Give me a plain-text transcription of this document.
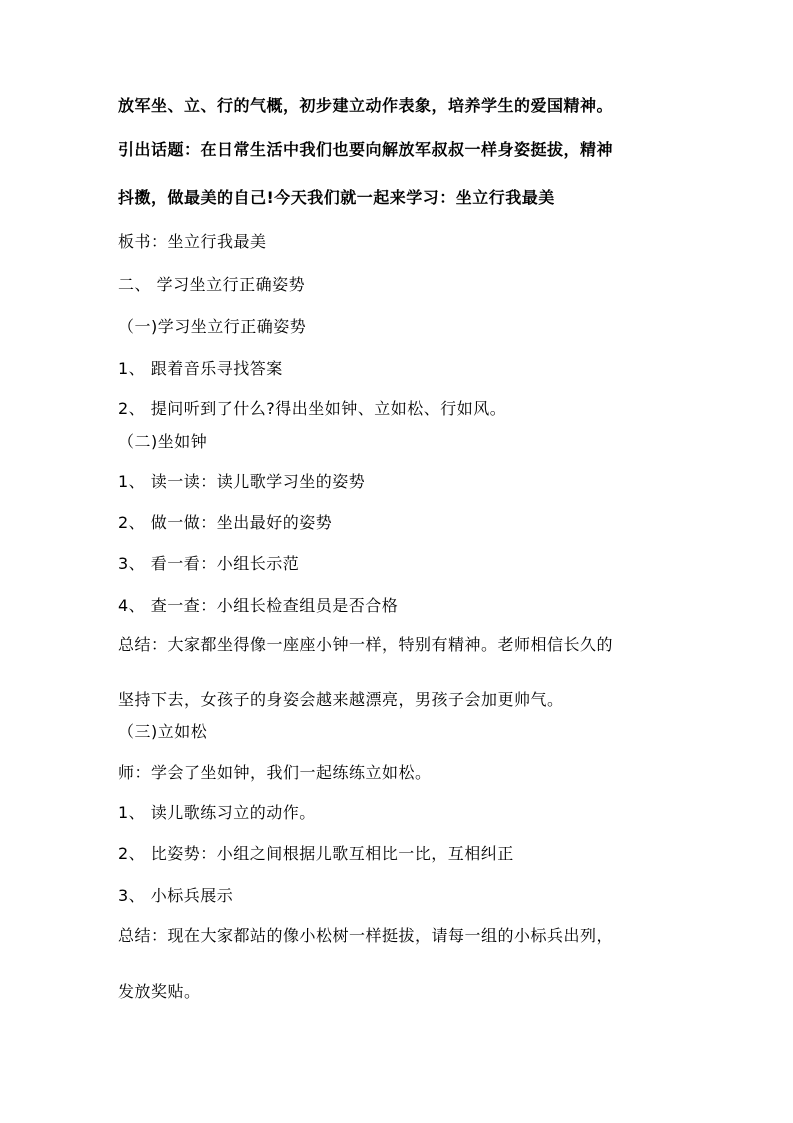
放军坐、立、行的气概，初步建立动作表象，培养学生的爱国精神。
引出话题：在日常生活中我们也要向解放军叔叔一样身姿挺拔，精神
抖擞，做最美的自己!今天我们就一起来学习：坐立行我最美
板书：坐立行我最美
二、 学习坐立行正确姿势
（一)学习坐立行正确姿势
1、 跟着音乐寻找答案
2、 提问听到了什么?得出坐如钟、立如松、行如风。
（二)坐如钟
1、 读一读：读儿歌学习坐的姿势
2、 做一做：坐出最好的姿势
3、 看一看：小组长示范
4、 查一查：小组长检查组员是否合格
总结：大家都坐得像一座座小钟一样，特别有精神。老师相信长久的
坚持下去，女孩子的身姿会越来越漂亮，男孩子会加更帅气。
（三)立如松
师：学会了坐如钟，我们一起练练立如松。
1、 读儿歌练习立的动作。
2、 比姿势：小组之间根据儿歌互相比一比，互相纠正
3、 小标兵展示
总结：现在大家都站的像小松树一样挺拔，请每一组的小标兵出列，
发放奖贴。
